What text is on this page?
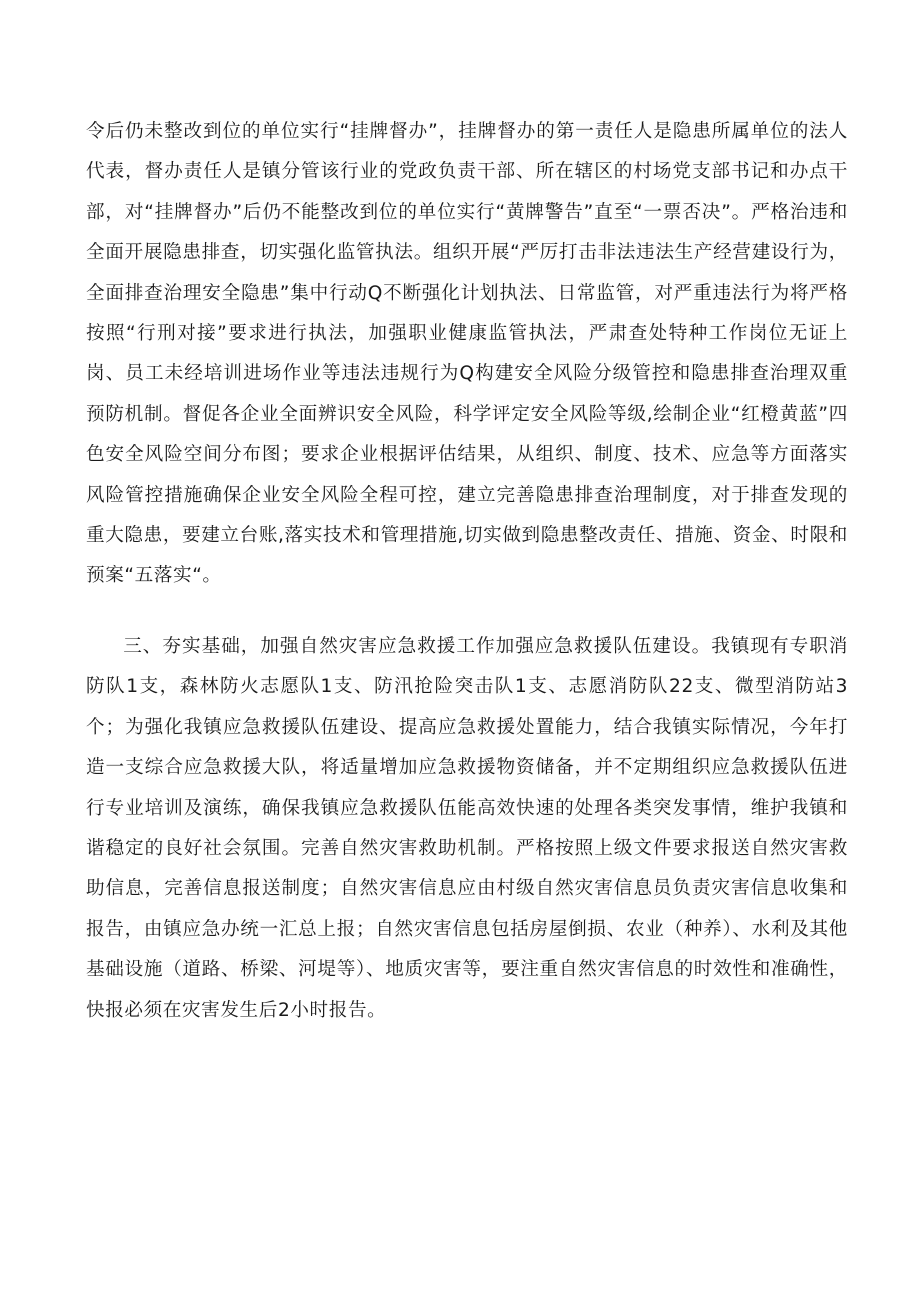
令后仍未整改到位的单位实行“挂牌督办”，挂牌督办的第一责任人是隐患所属单位的法人代表，督办责任人是镇分管该行业的党政负责干部、所在辖区的村场党支部书记和办点干部，对“挂牌督办”后仍不能整改到位的单位实行“黄牌警告”直至“一票否决”。严格治违和全面开展隐患排查，切实强化监管执法。组织开展“严厉打击非法违法生产经营建设行为，全面排查治理安全隐患”集中行动Q不断强化计划执法、日常监管，对严重违法行为将严格按照“行刑对接”要求进行执法，加强职业健康监管执法，严肃查处特种工作岗位无证上岗、员工未经培训进场作业等违法违规行为Q构建安全风险分级管控和隐患排查治理双重预防机制。督促各企业全面辨识安全风险，科学评定安全风险等级,绘制企业“红橙黄蓝”四色安全风险空间分布图；要求企业根据评估结果，从组织、制度、技术、应急等方面落实风险管控措施确保企业安全风险全程可控，建立完善隐患排查治理制度，对于排查发现的重大隐患，要建立台账,落实技术和管理措施,切实做到隐患整改责任、措施、资金、时限和预案“五落实“。

三、夯实基础，加强自然灾害应急救援工作加强应急救援队伍建设。我镇现有专职消防队1支，森林防火志愿队1支、防汛抢险突击队1支、志愿消防队22支、微型消防站3个；为强化我镇应急救援队伍建设、提高应急救援处置能力，结合我镇实际情况，今年打造一支综合应急救援大队，将适量增加应急救援物资储备，并不定期组织应急救援队伍进行专业培训及演练，确保我镇应急救援队伍能高效快速的处理各类突发事情，维护我镇和谐稳定的良好社会氛围。完善自然灾害救助机制。严格按照上级文件要求报送自然灾害救助信息，完善信息报送制度；自然灾害信息应由村级自然灾害信息员负责灾害信息收集和报告，由镇应急办统一汇总上报；自然灾害信息包括房屋倒损、农业（种养）、水利及其他基础设施（道路、桥梁、河堤等）、地质灾害等，要注重自然灾害信息的时效性和准确性，快报必须在灾害发生后2小时报告。
